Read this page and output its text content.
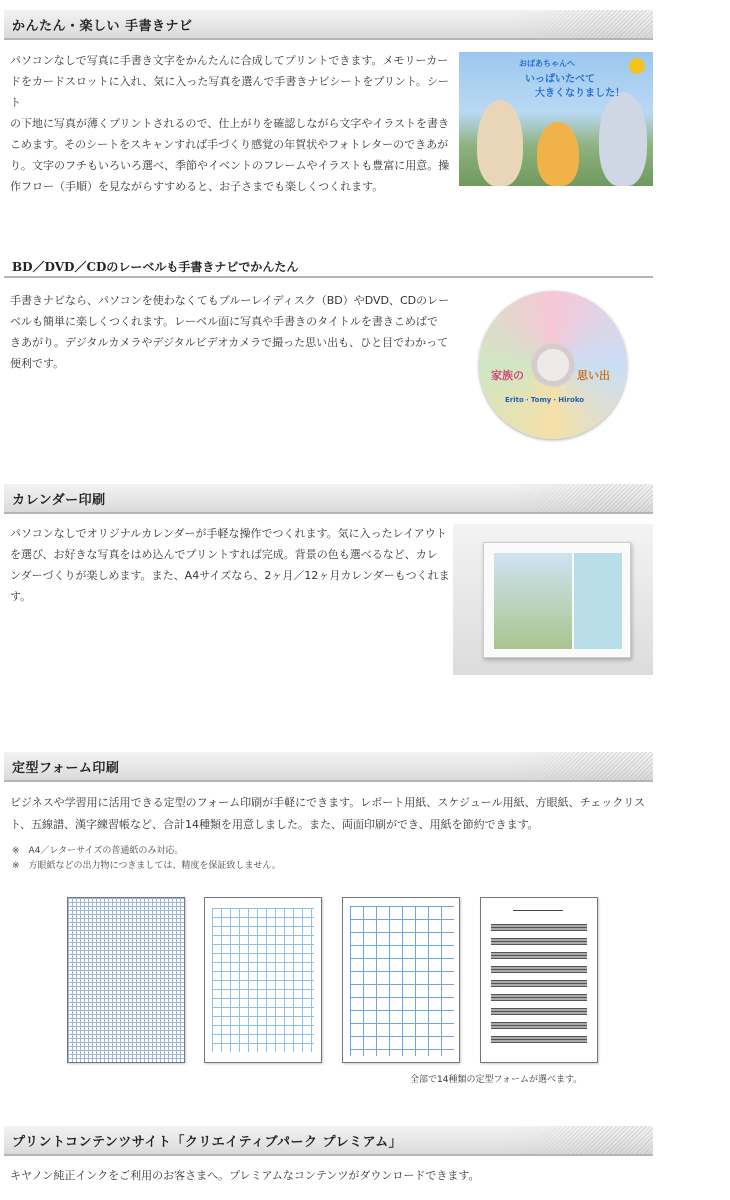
かんたん・楽しい 手書きナビ
パソコンなしで写真に手書き文字をかんたんに合成してプリントできます。メモリーカー
ドをカードスロットに入れ、気に入った写真を選んで手書きナビシートをプリント。シート
の下地に写真が薄くプリントされるので、仕上がりを確認しながら文字やイラストを書き
こめます。そのシートをスキャンすれば手づくり感覚の年賀状やフォトレターのできあが
り。文字のフチもいろいろ選べ、季節やイベントのフレームやイラストも豊富に用意。操
作フロー（手順）を見ながらすすめると、お子さまでも楽しくつくれます。
おばあちゃんへ
いっぱいたべて
大きくなりました！
BD／DVD／CDのレーベルも手書きナビでかんたん
手書きナビなら、パソコンを使わなくてもブルーレイディスク（BD）やDVD、CDのレー
ベルも簡単に楽しくつくれます。レーベル面に写真や手書きのタイトルを書きこめばで
きあがり。デジタルカメラやデジタルビデオカメラで撮った思い出も、ひと目でわかって
便利です。
家族の	思い出
Erito・Tomy・Hiroko
カレンダー印刷
パソコンなしでオリジナルカレンダーが手軽な操作でつくれます。気に入ったレイアウト
を選び、お好きな写真をはめ込んでプリントすれば完成。背景の色も選べるなど、カレ
ンダーづくりが楽しめます。また、A4サイズなら、2ヶ月／12ヶ月カレンダーもつくれま
す。
定型フォーム印刷
ビジネスや学習用に活用できる定型のフォーム印刷が手軽にできます。レポート用紙、スケジュール用紙、方眼紙、チェックリス
ト、五線譜、漢字練習帳など、合計14種類を用意しました。また、両面印刷ができ、用紙を節約できます。
※　A4／レターサイズの普通紙のみ対応。
※　方眼紙などの出力物につきましては、精度を保証致しません。
全部で14種類の定型フォームが選べます。
プリントコンテンツサイト「クリエイティブパーク プレミアム」
キヤノン純正インクをご利用のお客さまへ。プレミアムなコンテンツがダウンロードできます。
